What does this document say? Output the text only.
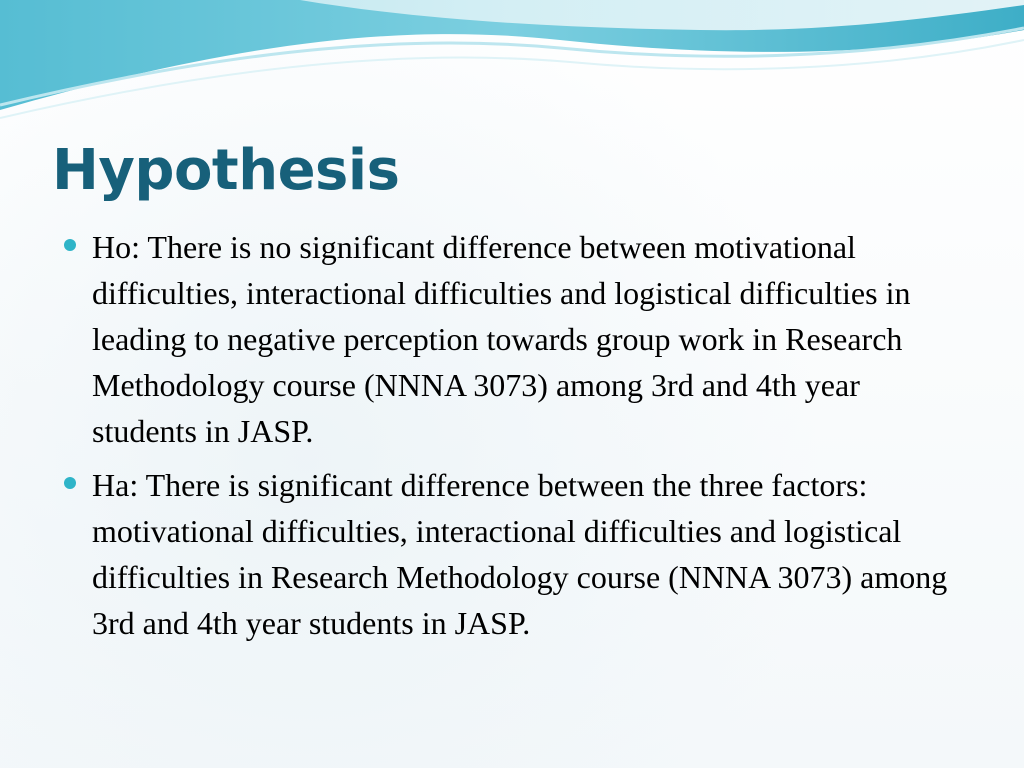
Hypothesis
Ho: There is no significant difference between motivational difficulties, interactional difficulties and logistical difficulties in leading to negative perception towards group work in Research Methodology course (NNNA 3073) among 3rd and 4th year students in JASP.
Ha: There is significant difference between the three factors: motivational difficulties, interactional difficulties and logistical difficulties in Research Methodology course (NNNA 3073) among 3rd and 4th year students in JASP.
